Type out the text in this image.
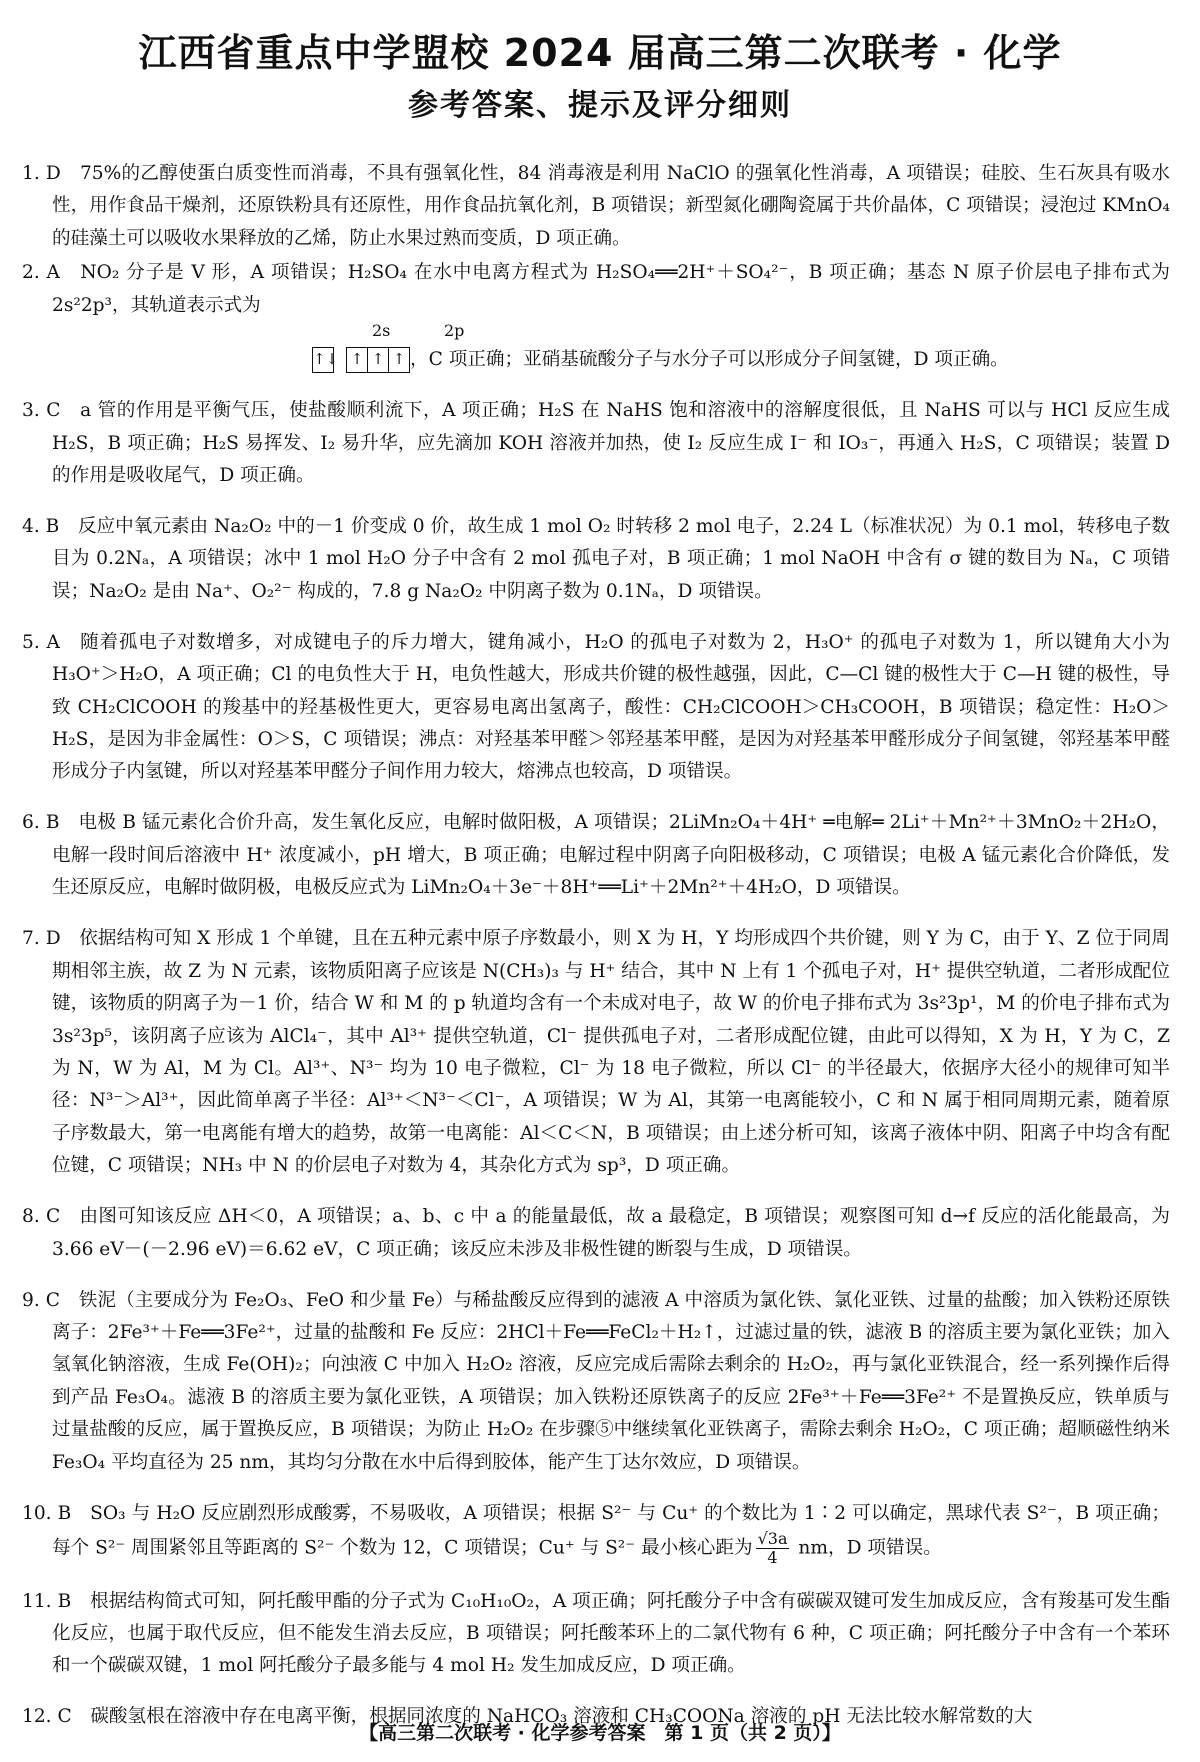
江西省重点中学盟校 2024 届高三第二次联考 · 化学
参考答案、提示及评分细则

1. D　 75%的乙醇使蛋白质变性而消毒，不具有强氧化性，84 消毒液是利用 NaClO 的强氧化性消毒，A 项错误；硅胶、生石灰具有吸水性，用作食品干燥剂，还原铁粉具有还原性，用作食品抗氧化剂，B 项错误；新型氮化硼陶瓷属于共价晶体，C 项错误；浸泡过 KMnO₄ 的硅藻土可以吸收水果释放的乙烯，防止水果过熟而变质，D 项正确。

2. A　 NO₂ 分子是 V 形，A 项错误；H₂SO₄ 在水中电离方程式为 H₂SO₄══2H⁺＋SO₄²⁻，B 项正确；基态 N 原子价层电子排布式为 2s²2p³，其轨道表示式为
2s	2p
↑↓ ↑ ↑ ↑ ，C 项正确；亚硝基硫酸分子与水分子可以形成分子间氢键，D 项正确。

3. C　 a 管的作用是平衡气压，使盐酸顺利流下，A 项正确；H₂S 在 NaHS 饱和溶液中的溶解度很低，且 NaHS 可以与 HCl 反应生成 H₂S，B 项正确；H₂S 易挥发、I₂ 易升华，应先滴加 KOH 溶液并加热，使 I₂ 反应生成 I⁻ 和 IO₃⁻，再通入 H₂S，C 项错误；装置 D 的作用是吸收尾气，D 项正确。

4. B　 反应中氧元素由 Na₂O₂ 中的－1 价变成 0 价，故生成 1 mol O₂ 时转移 2 mol 电子，2.24 L（标准状况）为 0.1 mol，转移电子数目为 0.2Nₐ，A 项错误；冰中 1 mol H₂O 分子中含有 2 mol 孤电子对，B 项正确；1 mol NaOH 中含有 σ 键的数目为 Nₐ，C 项错误；Na₂O₂ 是由 Na⁺、O₂²⁻ 构成的，7.8 g Na₂O₂ 中阴离子数为 0.1Nₐ，D 项错误。

5. A　 随着孤电子对数增多，对成键电子的斥力增大，键角减小，H₂O 的孤电子对数为 2，H₃O⁺ 的孤电子对数为 1，所以键角大小为 H₃O⁺＞H₂O，A 项正确；Cl 的电负性大于 H，电负性越大，形成共价键的极性越强，因此，C—Cl 键的极性大于 C—H 键的极性，导致 CH₂ClCOOH 的羧基中的羟基极性更大，更容易电离出氢离子，酸性：CH₂ClCOOH＞CH₃COOH，B 项错误；稳定性：H₂O＞H₂S，是因为非金属性：O＞S，C 项错误；沸点：对羟基苯甲醛＞邻羟基苯甲醛，是因为对羟基苯甲醛形成分子间氢键，邻羟基苯甲醛形成分子内氢键，所以对羟基苯甲醛分子间作用力较大，熔沸点也较高，D 项错误。

6. B　 电极 B 锰元素化合价升高，发生氧化反应，电解时做阳极，A 项错误；2LiMn₂O₄＋4H⁺ ═电解═ 2Li⁺＋Mn²⁺＋3MnO₂＋2H₂O，电解一段时间后溶液中 H⁺ 浓度减小，pH 增大，B 项正确；电解过程中阴离子向阳极移动，C 项错误；电极 A 锰元素化合价降低，发生还原反应，电解时做阴极，电极反应式为 LiMn₂O₄＋3e⁻＋8H⁺══Li⁺＋2Mn²⁺＋4H₂O，D 项错误。

7. D　 依据结构可知 X 形成 1 个单键，且在五种元素中原子序数最小，则 X 为 H，Y 均形成四个共价键，则 Y 为 C，由于 Y、Z 位于同周期相邻主族，故 Z 为 N 元素，该物质阳离子应该是 N(CH₃)₃ 与 H⁺ 结合，其中 N 上有 1 个孤电子对，H⁺ 提供空轨道，二者形成配位键，该物质的阴离子为－1 价，结合 W 和 M 的 p 轨道均含有一个未成对电子，故 W 的价电子排布式为 3s²3p¹，M 的价电子排布式为 3s²3p⁵，该阴离子应该为 AlCl₄⁻，其中 Al³⁺ 提供空轨道，Cl⁻ 提供孤电子对，二者形成配位键，由此可以得知，X 为 H，Y 为 C，Z 为 N，W 为 Al，M 为 Cl。Al³⁺、N³⁻ 均为 10 电子微粒，Cl⁻ 为 18 电子微粒，所以 Cl⁻ 的半径最大，依据序大径小的规律可知半径：N³⁻＞Al³⁺，因此简单离子半径：Al³⁺＜N³⁻＜Cl⁻，A 项错误；W 为 Al，其第一电离能较小，C 和 N 属于相同周期元素，随着原子序数最大，第一电离能有增大的趋势，故第一电离能：Al＜C＜N，B 项错误；由上述分析可知，该离子液体中阴、阳离子中均含有配位键，C 项错误；NH₃ 中 N 的价层电子对数为 4，其杂化方式为 sp³，D 项正确。

8. C　 由图可知该反应 ΔH＜0，A 项错误；a、b、c 中 a 的能量最低，故 a 最稳定，B 项错误；观察图可知 d→f 反应的活化能最高，为 3.66 eV－(－2.96 eV)＝6.62 eV，C 项正确；该反应未涉及非极性键的断裂与生成，D 项错误。

9. C　 铁泥（主要成分为 Fe₂O₃、FeO 和少量 Fe）与稀盐酸反应得到的滤液 A 中溶质为氯化铁、氯化亚铁、过量的盐酸；加入铁粉还原铁离子：2Fe³⁺＋Fe══3Fe²⁺，过量的盐酸和 Fe 反应：2HCl＋Fe══FeCl₂＋H₂↑，过滤过量的铁，滤液 B 的溶质主要为氯化亚铁；加入氢氧化钠溶液，生成 Fe(OH)₂；向浊液 C 中加入 H₂O₂ 溶液，反应完成后需除去剩余的 H₂O₂，再与氯化亚铁混合，经一系列操作后得到产品 Fe₃O₄。滤液 B 的溶质主要为氯化亚铁，A 项错误；加入铁粉还原铁离子的反应 2Fe³⁺＋Fe══3Fe²⁺ 不是置换反应，铁单质与过量盐酸的反应，属于置换反应，B 项错误；为防止 H₂O₂ 在步骤⑤中继续氧化亚铁离子，需除去剩余 H₂O₂，C 项正确；超顺磁性纳米 Fe₃O₄ 平均直径为 25 nm，其均匀分散在水中后得到胶体，能产生丁达尔效应，D 项错误。

10. B　 SO₃ 与 H₂O 反应剧烈形成酸雾，不易吸收，A 项错误；根据 S²⁻ 与 Cu⁺ 的个数比为 1∶2 可以确定，黑球代表 S²⁻，B 项正确；每个 S²⁻ 周围紧邻且等距离的 S²⁻ 个数为 12，C 项错误；Cu⁺ 与 S²⁻ 最小核心距为 $\frac{√3a}{4}$ nm，D 项错误。

11. B　 根据结构简式可知，阿托酸甲酯的分子式为 C₁₀H₁₀O₂，A 项正确；阿托酸分子中含有碳碳双键可发生加成反应，含有羧基可发生酯化反应，也属于取代反应，但不能发生消去反应，B 项错误；阿托酸苯环上的二氯代物有 6 种，C 项正确；阿托酸分子中含有一个苯环和一个碳碳双键，1 mol 阿托酸分子最多能与 4 mol H₂ 发生加成反应，D 项正确。

12. C　 碳酸氢根在溶液中存在电离平衡，根据同浓度的 NaHCO₃ 溶液和 CH₃COONa 溶液的 pH 无法比较水解常数的大

【高三第二次联考 · 化学参考答案　第 1 页（共 2 页）】
